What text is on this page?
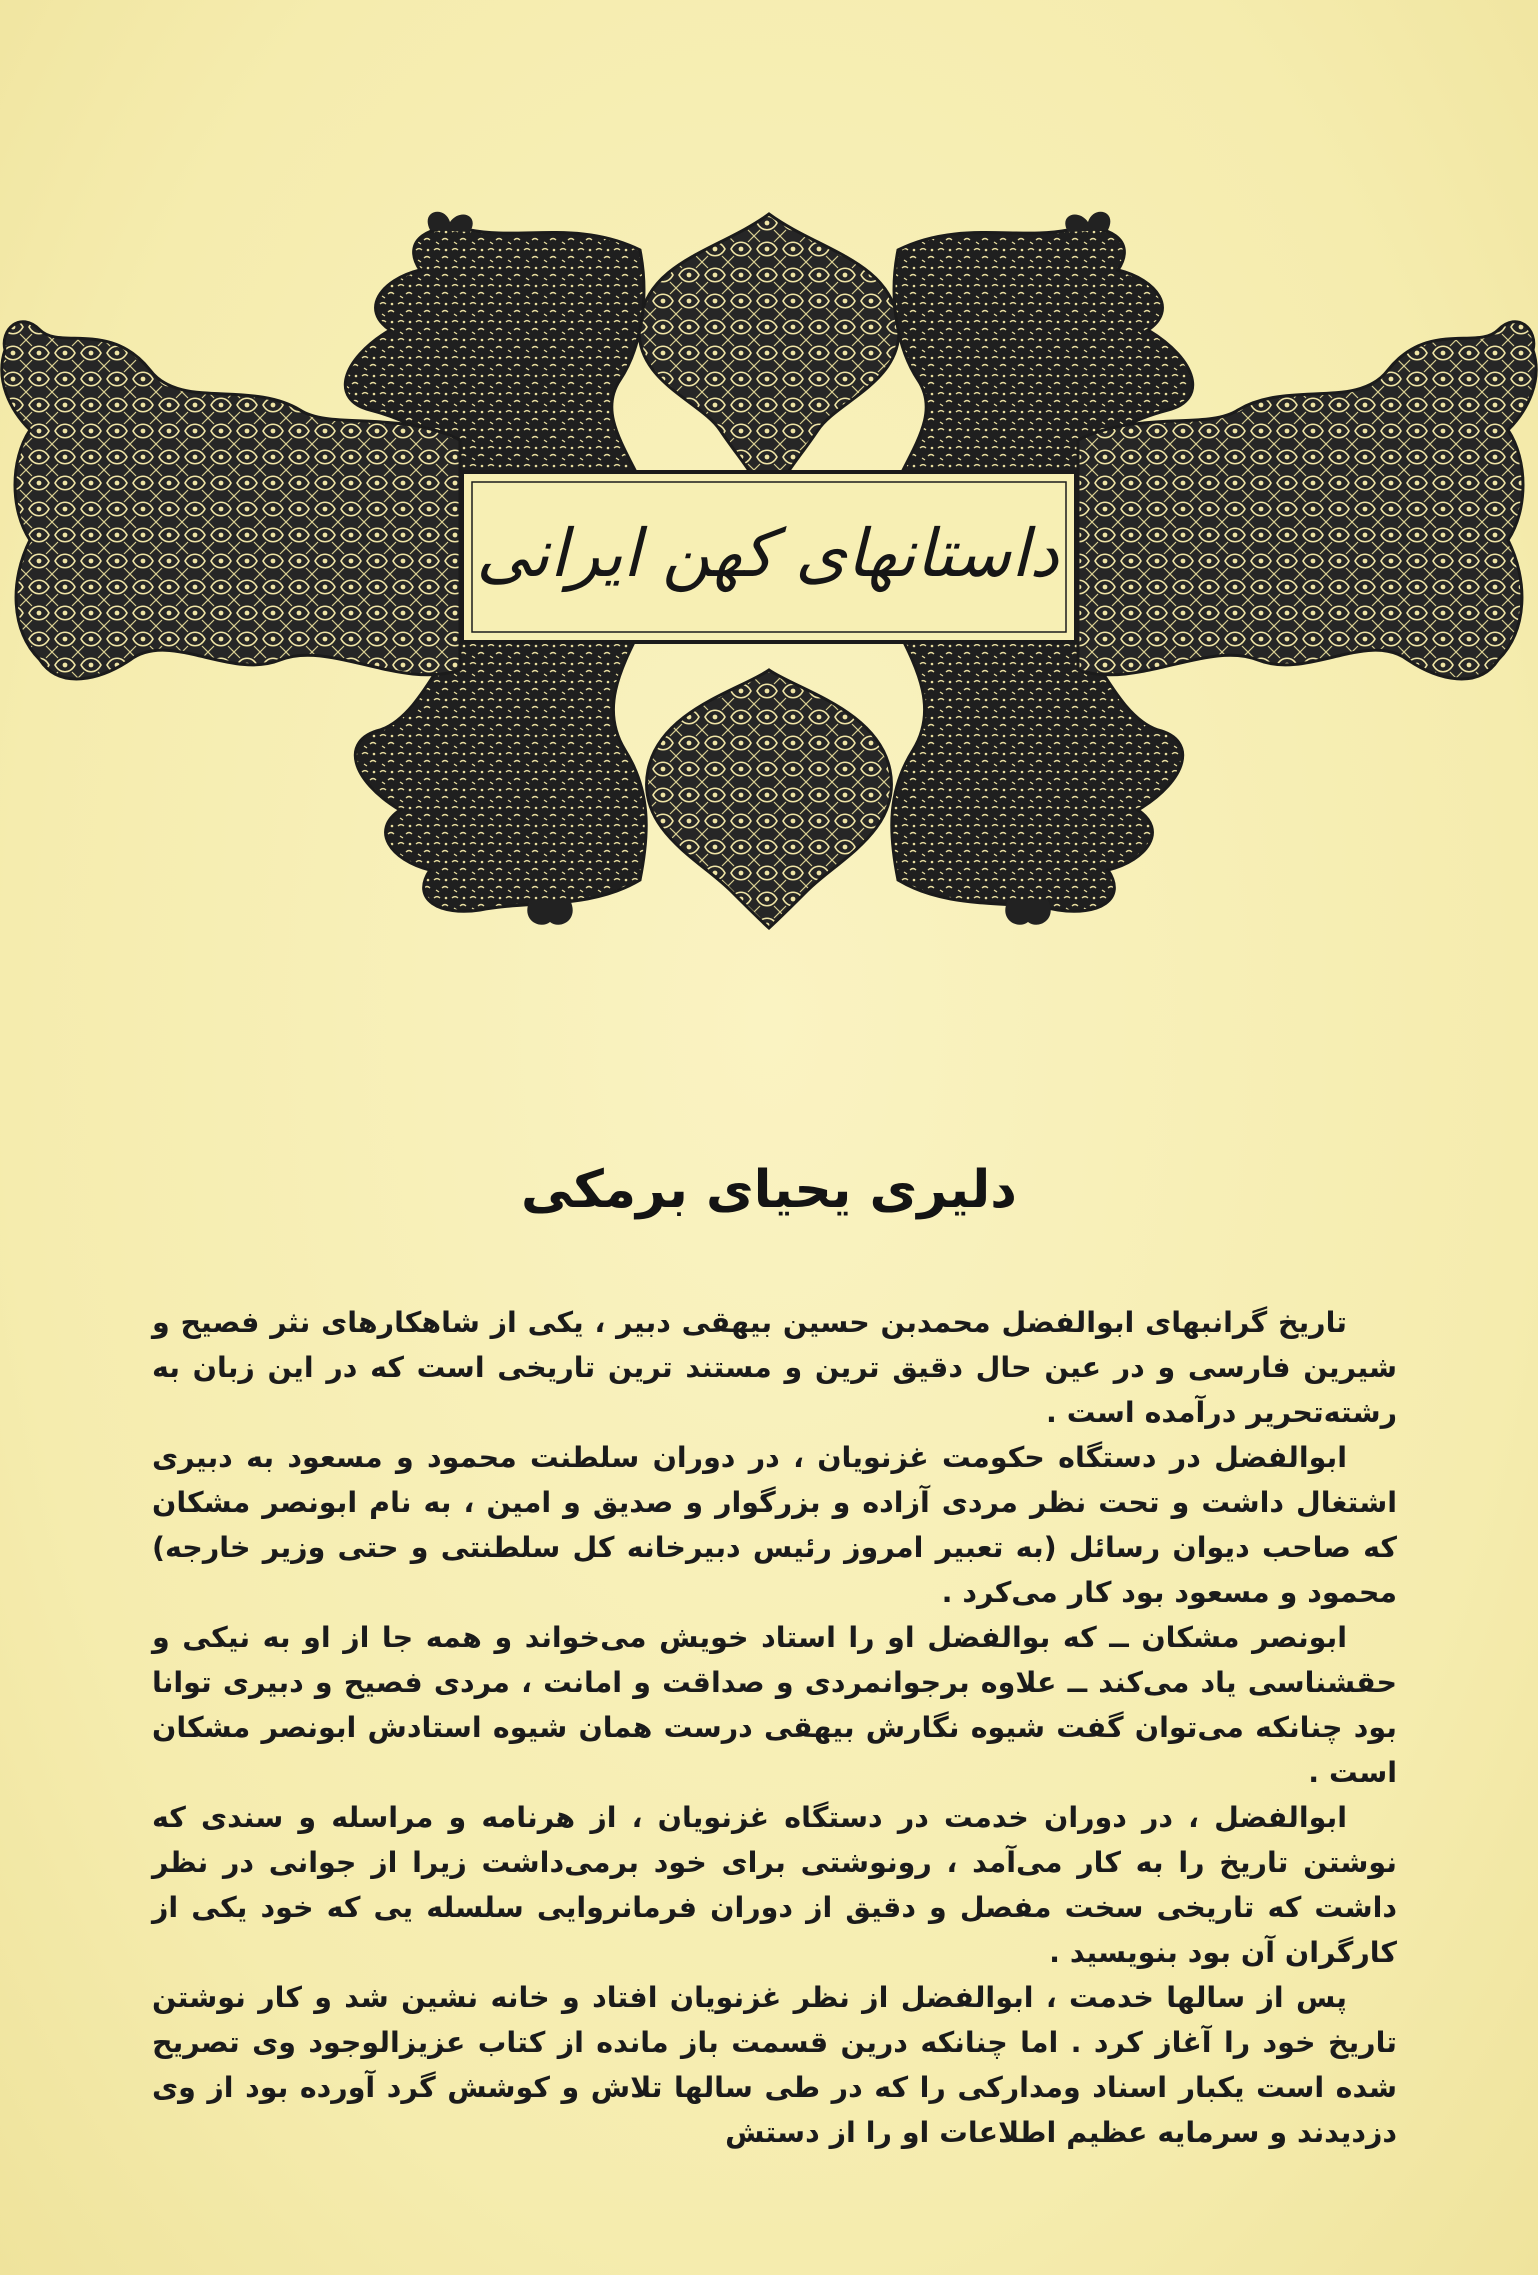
داستانهای کهن ایرانی
دلیری یحیای برمکی

تاریخ گرانبهای ابوالفضل محمدبن حسین بیهقی دبیر ، یکی از شاهکارهای نثر فصیح و شیرین فارسی و در عین حال دقیق ترین و مستند ترین تاریخی است که در این زبان به رشته‌تحریر درآمده است .

ابوالفضل در دستگاه حکومت غزنویان ، در دوران سلطنت محمود و مسعود به دبیری اشتغال داشت و تحت نظر مردی آزاده و بزرگوار و صدیق و امین ، به نام ابونصر مشکان که صاحب دیوان رسائل (به تعبیر امروز رئیس دبیرخانه کل سلطنتی و حتی وزیر خارجه) محمود و مسعود بود کار می‌کرد .

ابونصر مشکان ــ که بوالفضل او را استاد خویش می‌خواند و همه جا از او به نیکی و حقشناسی یاد می‌کند ــ علاوه برجوانمردی و صداقت و امانت ، مردی فصیح و دبیری توانا بود چنانکه می‌توان گفت شیوه نگارش بیهقی درست همان شیوه استادش ابونصر مشکان است .

ابوالفضل ، در دوران خدمت در دستگاه غزنویان ، از هرنامه و مراسله و سندی که نوشتن تاریخ را به کار می‌آمد ، رونوشتی برای خود برمی‌داشت زیرا از جوانی در نظر داشت که تاریخی سخت مفصل و دقیق از دوران فرمانروایی سلسله یی که خود یکی از کارگران آن بود بنویسید .

پس از سالها خدمت ، ابوالفضل از نظر غزنویان افتاد و خانه نشین شد و کار نوشتن تاریخ خود را آغاز کرد . اما چنانکه درین قسمت باز مانده از کتاب عزیزالوجود وی تصریح شده است یکبار اسناد ومدارکی را که در طی سالها تلاش و کوشش گرد آورده بود از وی دزدیدند و سرمایه عظیم اطلاعات او را از دستش
